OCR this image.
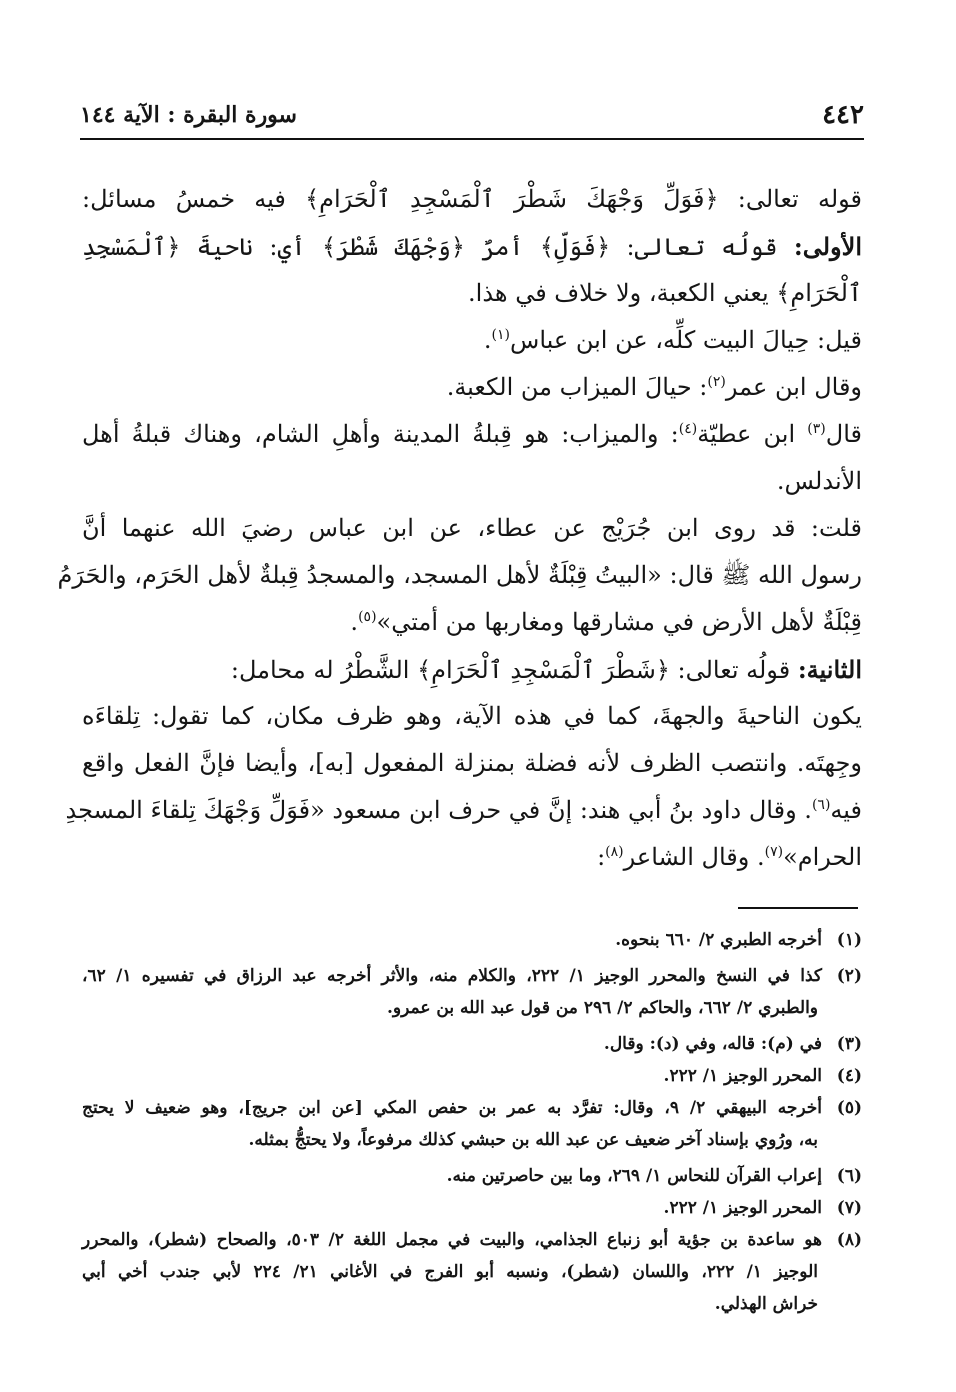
٤٤٢
سورة البقرة : الآية ١٤٤
قوله تعالى: ﴿فَوَلِّ وَجْهَكَ شَطْرَ ٱلْمَسْجِدِ ٱلْحَرَامِ﴾ فيه خمسُ مسائل:
الأولى: قولُه تعالى: ﴿فَوَلِّ﴾ أمرٌ ﴿وَجْهَكَ شَطْرَ﴾ أي: ناحيةَ ﴿ٱلْمَسْجِدِ
ٱلْحَرَامِ﴾ يعني الكعبة، ولا خلاف في هذا.
قيل: حِيالَ البيت كلِّه، عن ابن عباس$^{(١)}$.
وقال ابن عمر$^{(٢)}$: حيالَ الميزاب من الكعبة.
قال$^{(٣)}$ ابن عطيّة$^{(٤)}$: والميزاب: هو قِبلةُ المدينة وأهلِ الشام، وهناك قبلةُ أهل
الأندلس.
قلت: قد روى ابن جُرَيْج عن عطاء، عن ابن عباس رضيَ الله عنهما أنَّ
رسول الله ﷺ قال: «البيتُ قِبْلَةٌ لأهل المسجد، والمسجدُ قِبلةٌ لأهل الحَرَم، والحَرَمُ
قِبْلَةٌ لأهل الأرض في مشارقها ومغاربها من أمتي»$^{(٥)}$.
الثانية: قولُه تعالى: ﴿شَطْرَ ٱلْمَسْجِدِ ٱلْحَرَامِ﴾ الشَّطْرُ له محامل:
يكون الناحيةَ والجهةَ، كما في هذه الآية، وهو ظرف مكان، كما تقول: تِلقاءَه
وجِهتَه. وانتصب الظرف لأنه فضلة بمنزلة المفعول [به]، وأيضا فإنَّ الفعل واقع
فيه$^{(٦)}$. وقال داود بنُ أبي هند: إنَّ في حرف ابن مسعود «فَوَلِّ وَجْهَكَ تِلقاءَ المسجدِ
الحرام»$^{(٧)}$. وقال الشاعر$^{(٨)}$:
(١)أخرجه الطبري ٢/ ٦٦٠ بنحوه.
(٢)كذا في النسخ والمحرر الوجيز ١/ ٢٢٢، والكلام منه، والأثر أخرجه عبد الرزاق في تفسيره ١/ ٦٢،
والطبري ٢/ ٦٦٢، والحاكم ٢/ ٢٩٦ من قول عبد الله بن عمرو.
(٣)في (م): قاله، وفي (د): وقال.
(٤)المحرر الوجيز ١/ ٢٢٢.
(٥)أخرجه البيهقي ٢/ ٩، وقال: تفرَّد به عمر بن حفص المكي [عن ابن جريج]، وهو ضعيف لا يحتج
به، ورُوي بإسناد آخر ضعيف عن عبد الله بن حبشي كذلك مرفوعاً، ولا يحتجُّ بمثله.
(٦)إعراب القرآن للنحاس ١/ ٢٦٩، وما بين حاصرتين منه.
(٧)المحرر الوجيز ١/ ٢٢٢.
(٨)هو ساعدة بن جؤية أبو زنباع الجذامي، والبيت في مجمل اللغة ٢/ ٥٠٣، والصحاح (شطر)، والمحرر
الوجيز ١/ ٢٢٢، واللسان (شطر)، ونسبه أبو الفرج في الأغاني ٢١/ ٢٢٤ لأبي جندب أخي أبي
خراش الهذلي.
